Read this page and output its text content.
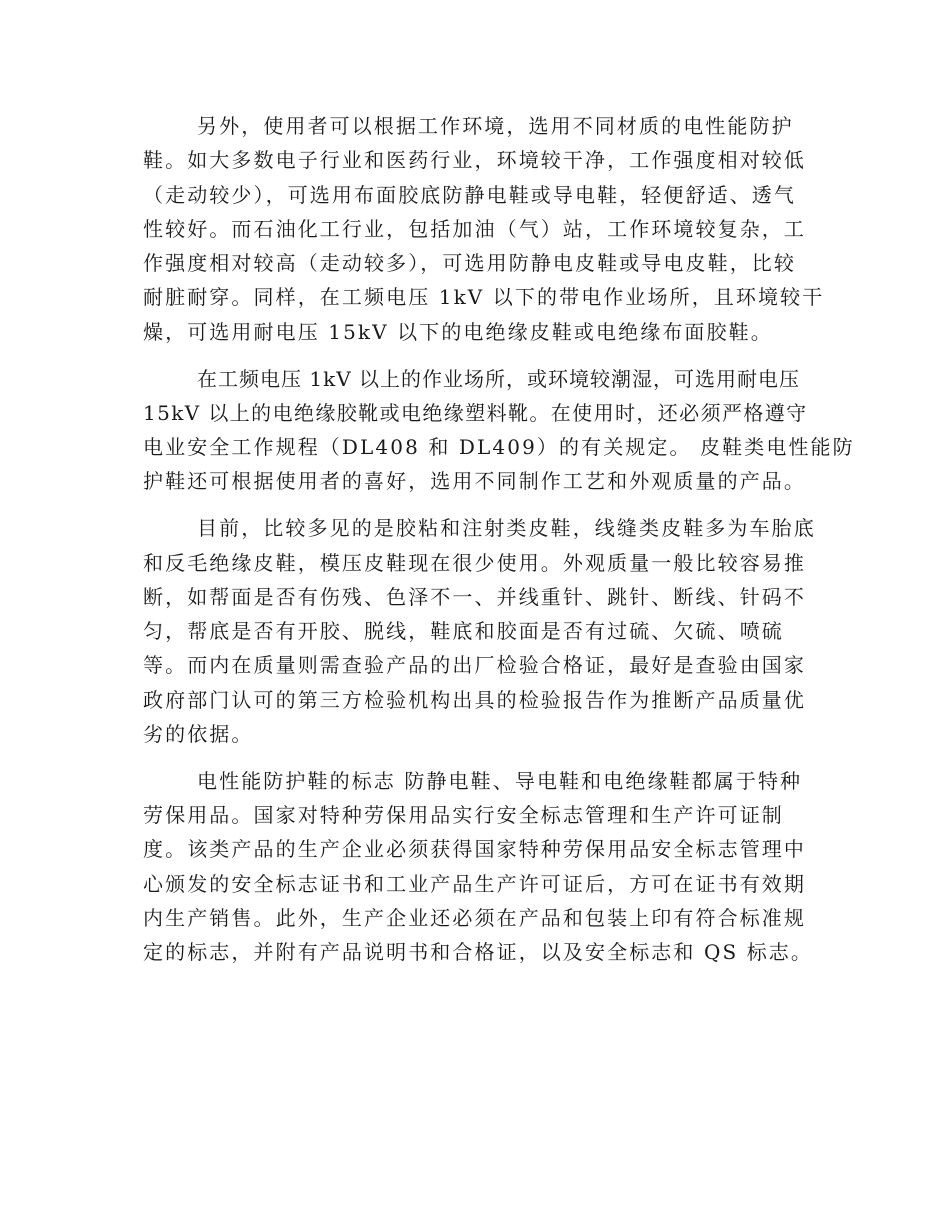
另外，使用者可以根据工作环境，选用不同材质的电性能防护
鞋。如大多数电子行业和医药行业，环境较干净，工作强度相对较低
（走动较少），可选用布面胶底防静电鞋或导电鞋，轻便舒适、透气
性较好。而石油化工行业，包括加油（气）站，工作环境较复杂，工
作强度相对较高（走动较多），可选用防静电皮鞋或导电皮鞋，比较
耐脏耐穿。同样，在工频电压 1kV 以下的带电作业场所，且环境较干
燥，可选用耐电压 15kV 以下的电绝缘皮鞋或电绝缘布面胶鞋。

在工频电压 1kV 以上的作业场所，或环境较潮湿，可选用耐电压
15kV 以上的电绝缘胶靴或电绝缘塑料靴。在使用时，还必须严格遵守
电业安全工作规程（DL408 和 DL409）的有关规定。 皮鞋类电性能防
护鞋还可根据使用者的喜好，选用不同制作工艺和外观质量的产品。

目前，比较多见的是胶粘和注射类皮鞋，线缝类皮鞋多为车胎底
和反毛绝缘皮鞋，模压皮鞋现在很少使用。外观质量一般比较容易推
断，如帮面是否有伤残、色泽不一、并线重针、跳针、断线、针码不
匀，帮底是否有开胶、脱线，鞋底和胶面是否有过硫、欠硫、喷硫
等。而内在质量则需查验产品的出厂检验合格证，最好是查验由国家
政府部门认可的第三方检验机构出具的检验报告作为推断产品质量优
劣的依据。

电性能防护鞋的标志 防静电鞋、导电鞋和电绝缘鞋都属于特种
劳保用品。国家对特种劳保用品实行安全标志管理和生产许可证制
度。该类产品的生产企业必须获得国家特种劳保用品安全标志管理中
心颁发的安全标志证书和工业产品生产许可证后，方可在证书有效期
内生产销售。此外，生产企业还必须在产品和包装上印有符合标准规
定的标志，并附有产品说明书和合格证，以及安全标志和 QS 标志。
